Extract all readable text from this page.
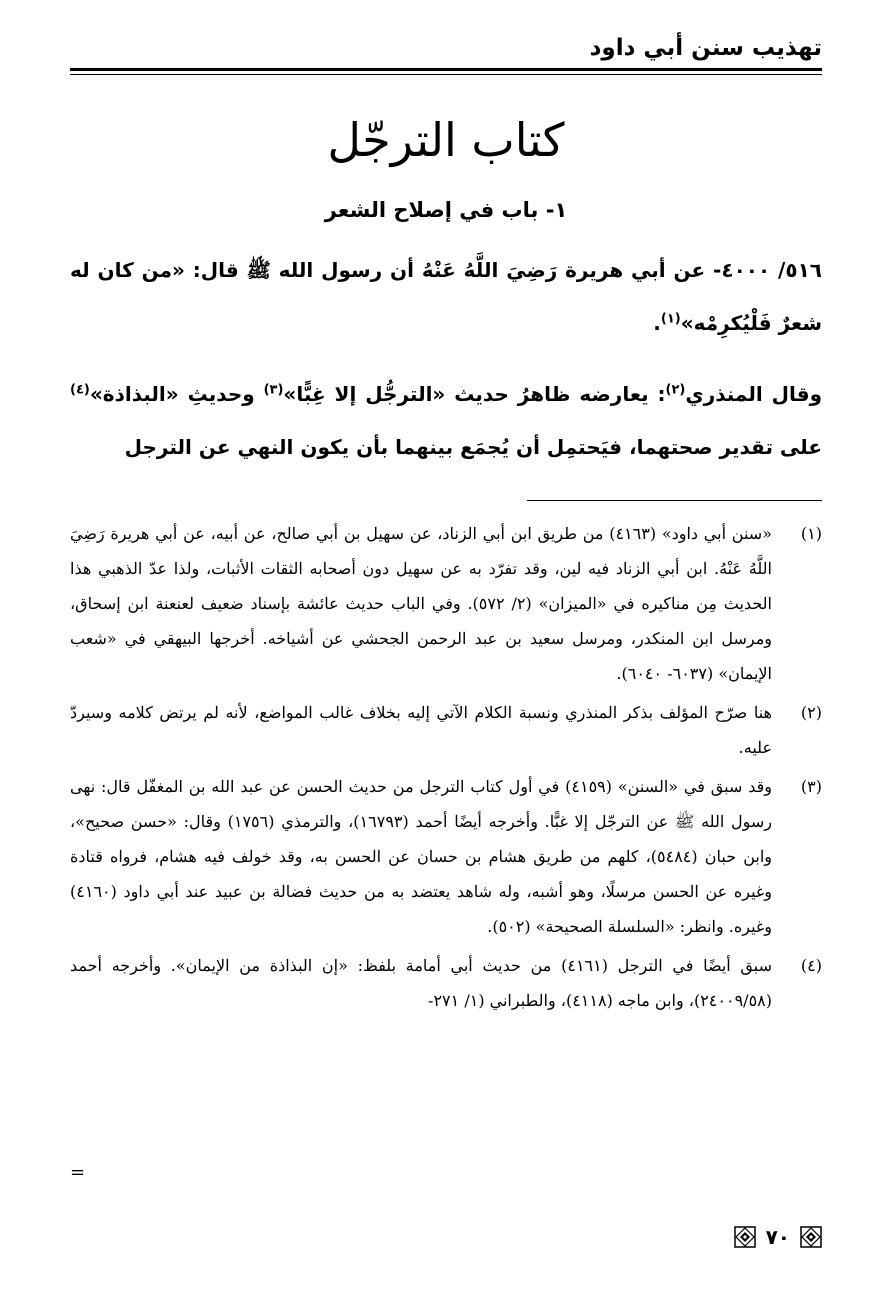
تهذيب سنن أبي داود
كتاب الترجّل
١- باب في إصلاح الشعر

٥١٦/ ٤٠٠٠- عن أبي هريرة رَضِيَ اللَّهُ عَنْهُ أن رسول الله ﷺ قال: «من كان له شعرٌ فَلْيُكرِمْه»$^{(١)}$.

وقال المنذري$^{(٢)}$: يعارضه ظاهرُ حديث «الترجُّل إلا غِبًّا»$^{(٣)}$ وحديثِ «البذاذة»$^{(٤)}$ على تقدير صحتهما، فيَحتمِل أن يُجمَع بينهما بأن يكون النهي عن الترجل

(١)
«سنن أبي داود» (٤١٦٣) من طريق ابن أبي الزناد، عن سهيل بن أبي صالح، عن أبيه، عن أبي هريرة رَضِيَ اللَّهُ عَنْهُ. ابن أبي الزناد فيه لين، وقد تفرّد به عن سهيل دون أصحابه الثقات الأثبات، ولذا عدّ الذهبي هذا الحديث مِن مناكيره في «الميزان» (٢/ ٥٧٢). وفي الباب حديث عائشة بإسناد ضعيف لعنعنة ابن إسحاق، ومرسل ابن المنكدر، ومرسل سعيد بن عبد الرحمن الجحشي عن أشياخه. أخرجها البيهقي في «شعب الإيمان» (٦٠٣٧- ٦٠٤٠).
(٢)
هنا صرّح المؤلف بذكر المنذري ونسبة الكلام الآتي إليه بخلاف غالب المواضع، لأنه لم يرتض كلامه وسيردّ عليه.
(٣)
وقد سبق في «السنن» (٤١٥٩) في أول كتاب الترجل من حديث الحسن عن عبد الله بن المغفّل قال: نهى رسول الله ﷺ عن الترجّل إلا غبًّا. وأخرجه أيضًا أحمد (١٦٧٩٣)، والترمذي (١٧٥٦) وقال: «حسن صحيح»، وابن حبان (٥٤٨٤)، كلهم من طريق هشام بن حسان عن الحسن به، وقد خولف فيه هشام، فرواه قتادة وغيره عن الحسن مرسلًا، وهو أشبه، وله شاهد يعتضد به من حديث فضالة بن عبيد عند أبي داود (٤١٦٠) وغيره. وانظر: «السلسلة الصحيحة» (٥٠٢).
(٤)
سبق أيضًا في الترجل (٤١٦١) من حديث أبي أمامة بلفظ: «إن البذاذة من الإيمان». وأخرجه أحمد (٢٤٠٠٩/٥٨)، وابن ماجه (٤١١٨)، والطبراني (١/ ٢٧١-
=
٧٠
